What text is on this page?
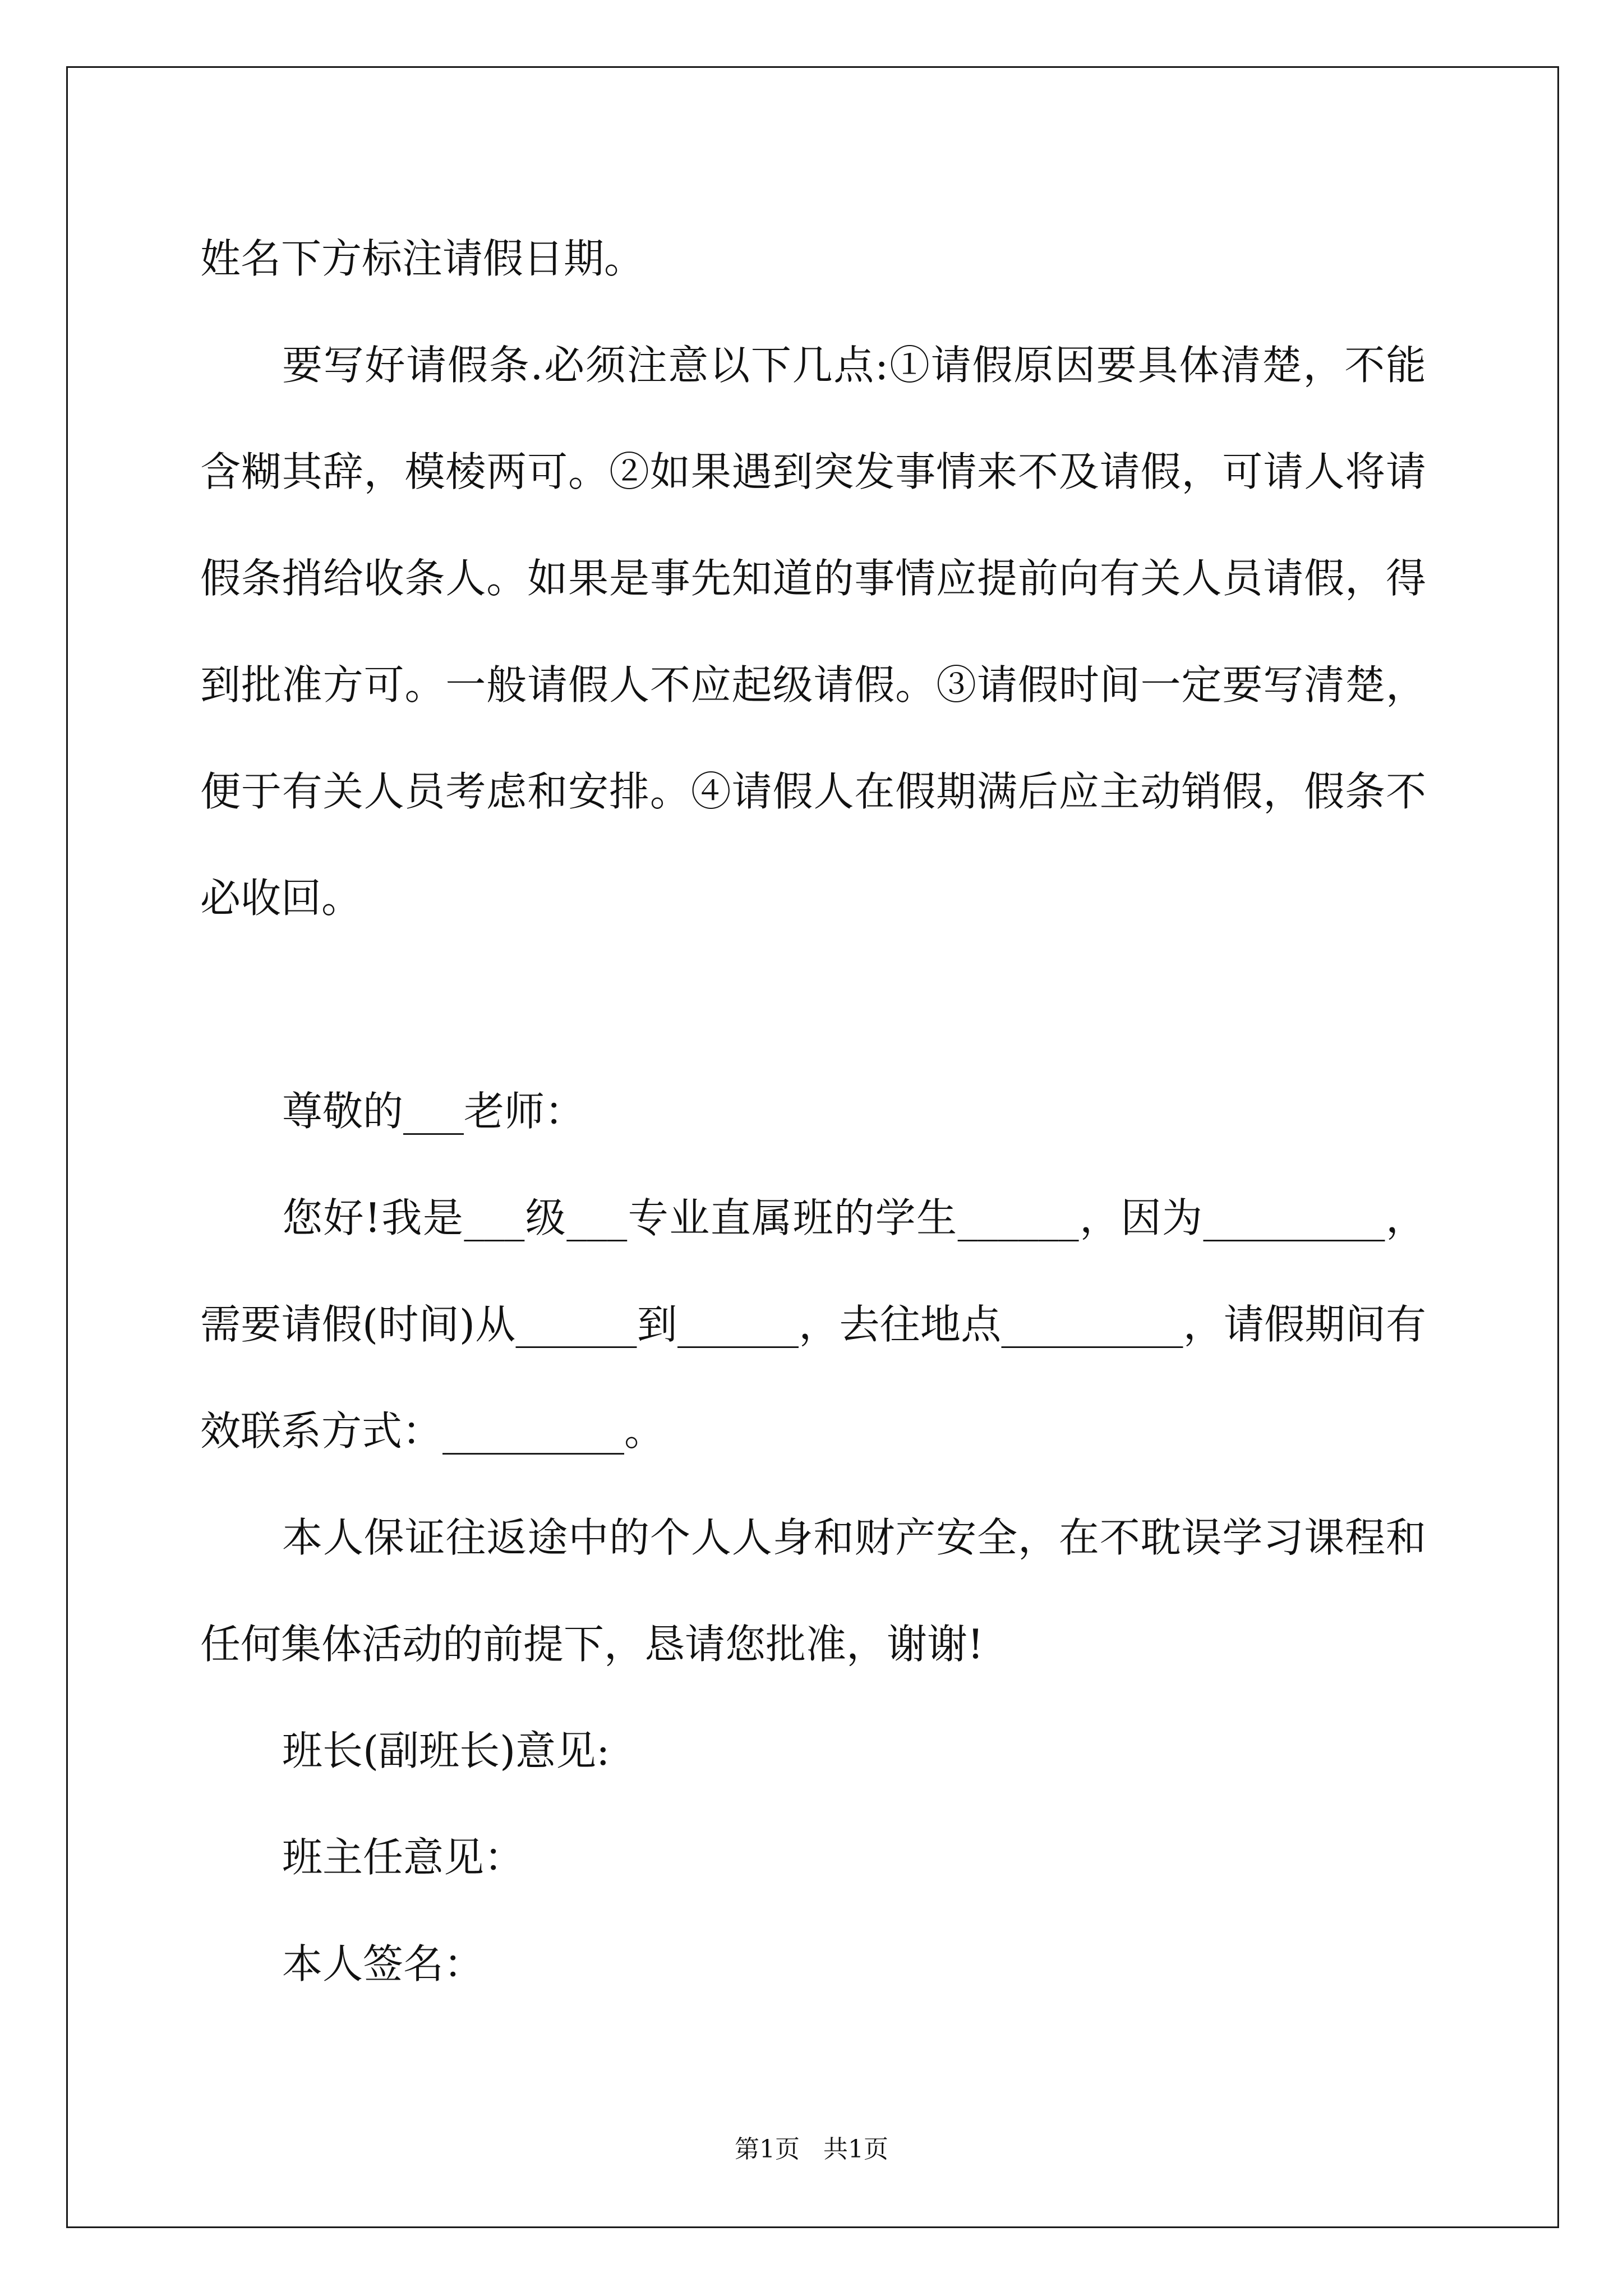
姓名下方标注请假日期。

要写好请假条.必须注意以下几点:①请假原因要具体清楚，不能含糊其辞，模棱两可。②如果遇到突发事情来不及请假，可请人将请假条捎给收条人。如果是事先知道的事情应提前向有关人员请假，得到批准方可。一般请假人不应起级请假。③请假时间一定要写清楚，便于有关人员考虑和安排。④请假人在假期满后应主动销假，假条不必收回。

尊敬的___老师：

您好!我是___级___专业直属班的学生______，因为_________，需要请假(时间)从______到______，去往地点_________，请假期间有效联系方式：_________。

本人保证往返途中的个人人身和财产安全，在不耽误学习课程和任何集体活动的前提下，恳请您批准，谢谢!

班长(副班长)意见:

班主任意见：

本人签名：

第1页   共1页
